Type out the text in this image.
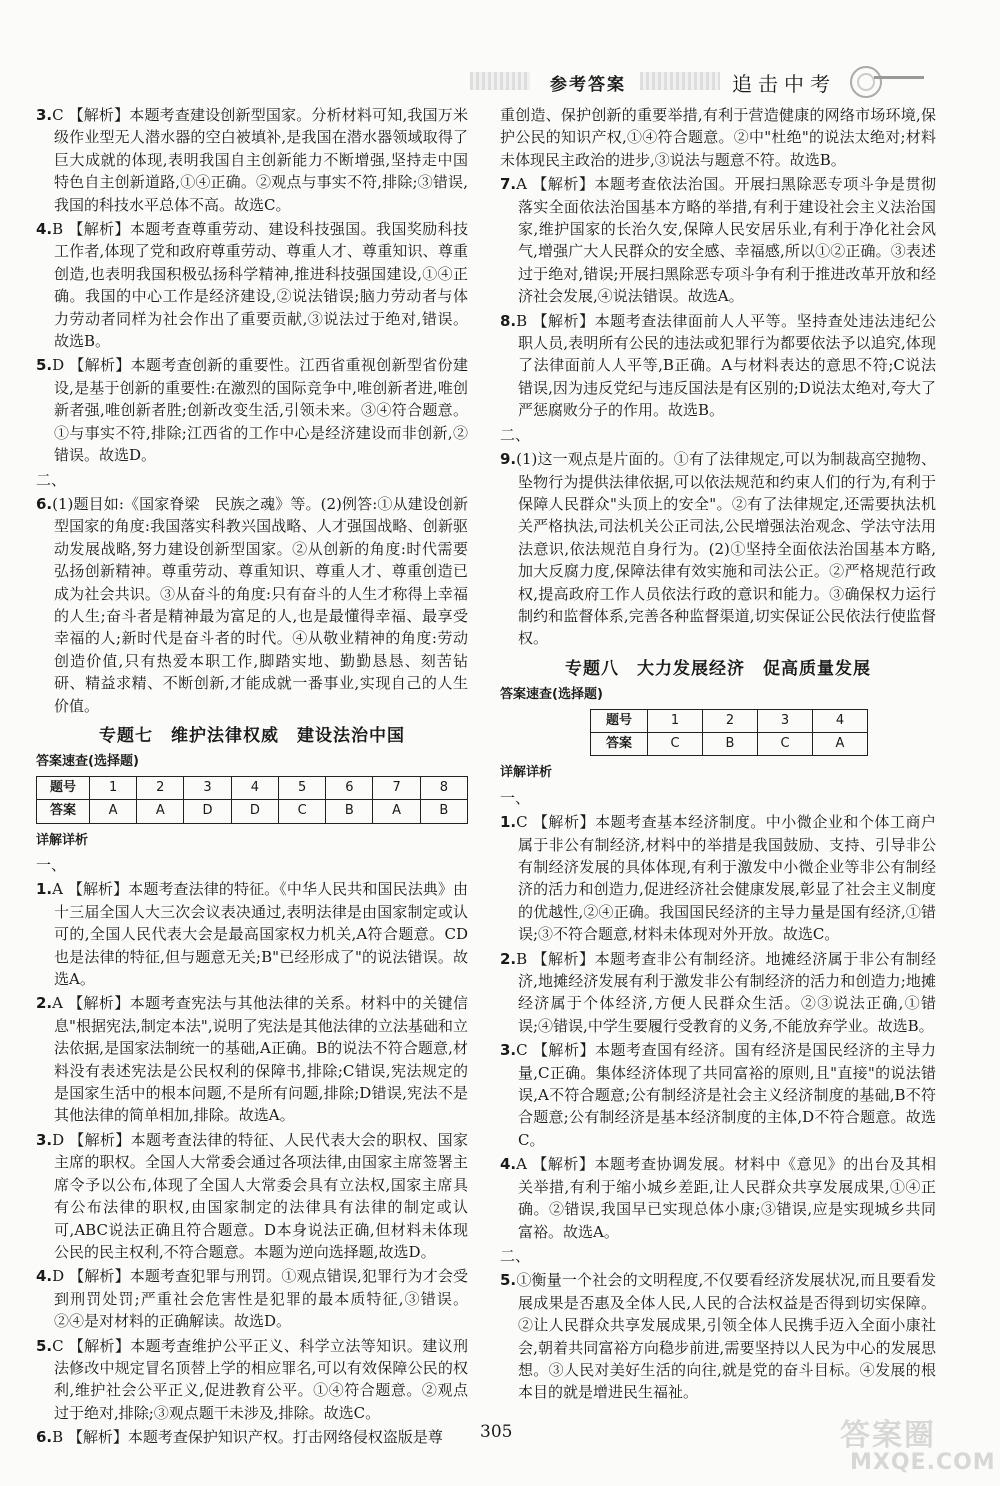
参考答案	追击中考

3.C 【解析】本题考查建设创新型国家。分析材料可知,我国万米级作业型无人潜水器的空白被填补,是我国在潜水器领域取得了巨大成就的体现,表明我国自主创新能力不断增强,坚持走中国特色自主创新道路,①④正确。②观点与事实不符,排除;③错误,我国的科技水平总体不高。故选C。

4.B 【解析】本题考查尊重劳动、建设科技强国。我国奖励科技工作者,体现了党和政府尊重劳动、尊重人才、尊重知识、尊重创造,也表明我国积极弘扬科学精神,推进科技强国建设,①④正确。我国的中心工作是经济建设,②说法错误;脑力劳动者与体力劳动者同样为社会作出了重要贡献,③说法过于绝对,错误。故选B。

5.D 【解析】本题考查创新的重要性。江西省重视创新型省份建设,是基于创新的重要性:在激烈的国际竞争中,唯创新者进,唯创新者强,唯创新者胜;创新改变生活,引领未来。③④符合题意。①与事实不符,排除;江西省的工作中心是经济建设而非创新,②错误。故选D。

二、

6.(1)题目如:《国家脊梁　民族之魂》等。(2)例答:①从建设创新型国家的角度:我国落实科教兴国战略、人才强国战略、创新驱动发展战略,努力建设创新型国家。②从创新的角度:时代需要弘扬创新精神。尊重劳动、尊重知识、尊重人才、尊重创造已成为社会共识。③从奋斗的角度:只有奋斗的人生才称得上幸福的人生;奋斗者是精神最为富足的人,也是最懂得幸福、最享受幸福的人;新时代是奋斗者的时代。④从敬业精神的角度:劳动创造价值,只有热爱本职工作,脚踏实地、勤勤恳恳、刻苦钻研、精益求精、不断创新,才能成就一番事业,实现自己的人生价值。

专题七　维护法律权威　建设法治中国
答案速查(选择题)
题号	1	2	3	4	5	6	7	8
答案	A	A	D	D	C	B	A	B
详解详析
一、

1.A 【解析】本题考查法律的特征。《中华人民共和国民法典》由十三届全国人大三次会议表决通过,表明法律是由国家制定或认可的,全国人民代表大会是最高国家权力机关,A符合题意。CD也是法律的特征,但与题意无关;B"已经形成了"的说法错误。故选A。

2.A 【解析】本题考查宪法与其他法律的关系。材料中的关键信息"根据宪法,制定本法",说明了宪法是其他法律的立法基础和立法依据,是国家法制统一的基础,A正确。B的说法不符合题意,材料没有表述宪法是公民权利的保障书,排除;C错误,宪法规定的是国家生活中的根本问题,不是所有问题,排除;D错误,宪法不是其他法律的简单相加,排除。故选A。

3.D 【解析】本题考查法律的特征、人民代表大会的职权、国家主席的职权。全国人大常委会通过各项法律,由国家主席签署主席令予以公布,体现了全国人大常委会具有立法权,国家主席具有公布法律的职权,由国家制定的法律具有法律的制定或认可,ABC说法正确且符合题意。D本身说法正确,但材料未体现公民的民主权利,不符合题意。本题为逆向选择题,故选D。

4.D 【解析】本题考查犯罪与刑罚。①观点错误,犯罪行为才会受到刑罚处罚;严重社会危害性是犯罪的最本质特征,③错误。②④是对材料的正确解读。故选D。

5.C 【解析】本题考查维护公平正义、科学立法等知识。建议刑法修改中规定冒名顶替上学的相应罪名,可以有效保障公民的权利,维护社会公平正义,促进教育公平。①④符合题意。②观点过于绝对,排除;③观点题干未涉及,排除。故选C。

6.B 【解析】本题考查保护知识产权。打击网络侵权盗版是尊

重创造、保护创新的重要举措,有利于营造健康的网络市场环境,保护公民的知识产权,①④符合题意。②中"杜绝"的说法太绝对;材料未体现民主政治的进步,③说法与题意不符。故选B。

7.A 【解析】本题考查依法治国。开展扫黑除恶专项斗争是贯彻落实全面依法治国基本方略的举措,有利于建设社会主义法治国家,维护国家的长治久安,保障人民安居乐业,有利于净化社会风气,增强广大人民群众的安全感、幸福感,所以①②正确。③表述过于绝对,错误;开展扫黑除恶专项斗争有利于推进改革开放和经济社会发展,④说法错误。故选A。

8.B 【解析】本题考查法律面前人人平等。坚持查处违法违纪公职人员,表明所有公民的违法或犯罪行为都要依法予以追究,体现了法律面前人人平等,B正确。A与材料表达的意思不符;C说法错误,因为违反党纪与违反国法是有区别的;D说法太绝对,夸大了严惩腐败分子的作用。故选B。

二、

9.(1)这一观点是片面的。①有了法律规定,可以为制裁高空抛物、坠物行为提供法律依据,可以依法规范和约束人们的行为,有利于保障人民群众"头顶上的安全"。②有了法律规定,还需要执法机关严格执法,司法机关公正司法,公民增强法治观念、学法守法用法意识,依法规范自身行为。(2)①坚持全面依法治国基本方略,加大反腐力度,保障法律有效实施和司法公正。②严格规范行政权,提高政府工作人员依法行政的意识和能力。③确保权力运行制约和监督体系,完善各种监督渠道,切实保证公民依法行使监督权。

专题八　大力发展经济　促高质量发展
答案速查(选择题)
题号	1	2	3	4
答案	C	B	C	A
详解详析
一、

1.C 【解析】本题考查基本经济制度。中小微企业和个体工商户属于非公有制经济,材料中的举措是我国鼓励、支持、引导非公有制经济发展的具体体现,有利于激发中小微企业等非公有制经济的活力和创造力,促进经济社会健康发展,彰显了社会主义制度的优越性,②④正确。我国国民经济的主导力量是国有经济,①错误;③不符合题意,材料未体现对外开放。故选C。

2.B 【解析】本题考查非公有制经济。地摊经济属于非公有制经济,地摊经济发展有利于激发非公有制经济的活力和创造力;地摊经济属于个体经济,方便人民群众生活。②③说法正确,①错误;④错误,中学生要履行受教育的义务,不能放弃学业。故选B。

3.C 【解析】本题考查国有经济。国有经济是国民经济的主导力量,C正确。集体经济体现了共同富裕的原则,且"直接"的说法错误,A不符合题意;公有制经济是社会主义经济制度的基础,B不符合题意;公有制经济是基本经济制度的主体,D不符合题意。故选C。

4.A 【解析】本题考查协调发展。材料中《意见》的出台及其相关举措,有利于缩小城乡差距,让人民群众共享发展成果,①④正确。②错误,我国早已实现总体小康;③错误,应是实现城乡共同富裕。故选A。

二、

5.①衡量一个社会的文明程度,不仅要看经济发展状况,而且要看发展成果是否惠及全体人民,人民的合法权益是否得到切实保障。②让人民群众共享发展成果,引领全体人民携手迈入全面小康社会,朝着共同富裕方向稳步前进,需要坚持以人民为中心的发展思想。③人民对美好生活的向往,就是党的奋斗目标。④发展的根本目的就是增进民生福祉。

305	答案圈
MXQE.COM
